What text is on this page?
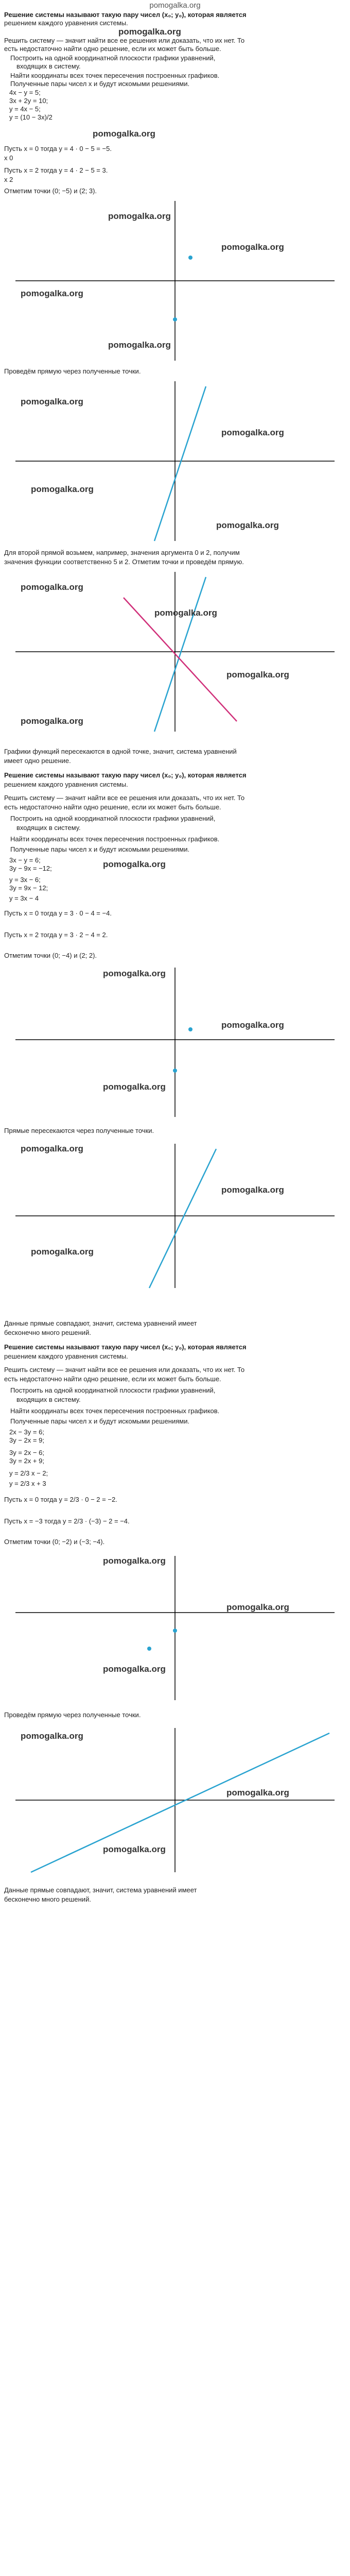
pomogalka.org
Решение системы называют такую пару чисел (x₀; y₀), которая является
решением каждого уравнения системы.
pomogalka.org
Решить систему — значит найти все ее решения или доказать, что их нет. То
есть недостаточно найти одно решение, если их может быть больше.
Построить на одной координатной плоскости графики уравнений,
входящих в систему.
Найти координаты всех точек пересечения построенных графиков.
Полученные пары чисел x и будут искомыми решениями.
4x − y = 5;
3x + 2y = 10;
y = 4x − 5;
y = (10 − 3x)/2
pomogalka.org
Пусть x = 0 тогда y = 4 · 0 − 5 = −5.
x 0
Пусть x = 2 тогда y = 4 · 2 − 5 = 3.
x 2
Отметим точки (0; −5) и (2; 3).
pomogalka.org
pomogalka.org
pomogalka.org
pomogalka.org
Проведём прямую через полученные точки.
pomogalka.org
pomogalka.org
pomogalka.org
pomogalka.org
Для второй прямой возьмем, например, значения аргумента 0 и 2, получим
значения функции соответственно 5 и 2. Отметим точки и проведём прямую.
pomogalka.org
pomogalka.org
pomogalka.org
pomogalka.org
Графики функций пересекаются в одной точке, значит, система уравнений
имеет одно решение.
Решение системы называют такую пару чисел (x₀; y₀), которая является
решением каждого уравнения системы.
Решить систему — значит найти все ее решения или доказать, что их нет. То
есть недостаточно найти одно решение, если их может быть больше.
Построить на одной координатной плоскости графики уравнений,
входящих в систему.
Найти координаты всех точек пересечения построенных графиков.
Полученные пары чисел x и будут искомыми решениями.
3x − y = 6;
3y − 9x = −12;
y = 3x − 6;
3y = 9x − 12;
y = 3x − 4
pomogalka.org
Пусть x = 0 тогда y = 3 · 0 − 4 = −4.
Пусть x = 2 тогда y = 3 · 2 − 4 = 2.
Отметим точки (0; −4) и (2; 2).
pomogalka.org
pomogalka.org
pomogalka.org
Прямые пересекаются через полученные точки.
pomogalka.org
pomogalka.org
pomogalka.org
Данные прямые совпадают, значит, система уравнений имеет
бесконечно много решений.
Решение системы называют такую пару чисел (x₀; y₀), которая является
решением каждого уравнения системы.
Решить систему — значит найти все ее решения или доказать, что их нет. То
есть недостаточно найти одно решение, если их может быть больше.
Построить на одной координатной плоскости графики уравнений,
входящих в систему.
Найти координаты всех точек пересечения построенных графиков.
Полученные пары чисел x и будут искомыми решениями.
2x − 3y = 6;
3y − 2x = 9;
3y = 2x − 6;
3y = 2x + 9;
y = 2/3 x − 2;
y = 2/3 x + 3
Пусть x = 0 тогда y = 2/3 · 0 − 2 = −2.
Пусть x = −3 тогда y = 2/3 · (−3) − 2 = −4.
Отметим точки (0; −2) и (−3; −4).
pomogalka.org
pomogalka.org
pomogalka.org
Проведём прямую через полученные точки.
pomogalka.org
pomogalka.org
pomogalka.org
Данные прямые совпадают, значит, система уравнений имеет
бесконечно много решений.
